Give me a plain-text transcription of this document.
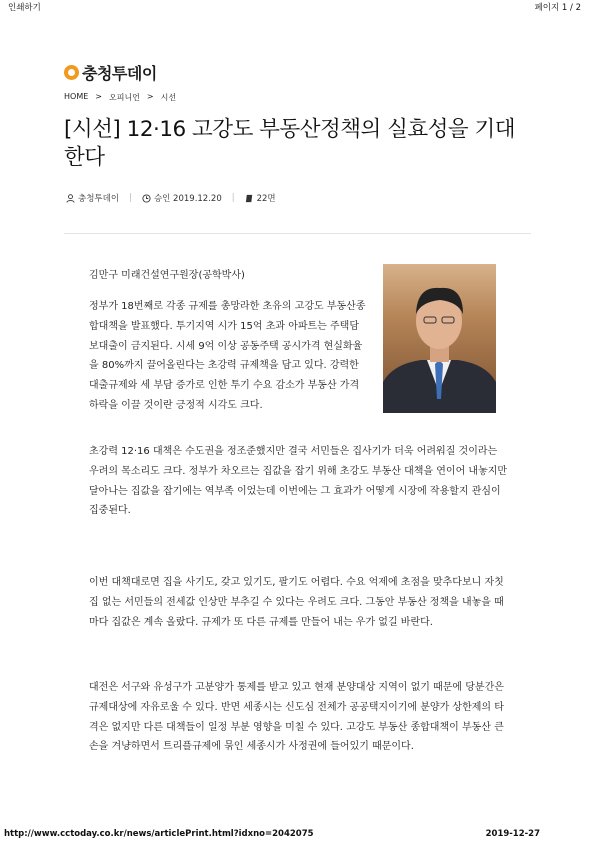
인쇄하기	페이지 1 / 2
충청투데이
HOME > 오피니언 > 시선
[시선] 12·16 고강도 부동산정책의 실효성을 기대한다
충청투데이 |	승인 2019.12.20 |	22면
김만구 미래건설연구원장(공학박사)
정부가 18번째로 각종 규제를 총망라한 초유의 고강도 부동산종합대책을 발표했다. 투기지역 시가 15억 초과 아파트는 주택담보대출이 금지된다. 시세 9억 이상 공동주택 공시가격 현실화율을 80%까지 끌어올린다는 초강력 규제책을 담고 있다. 강력한 대출규제와 세 부담 증가로 인한 투기 수요 감소가 부동산 가격 하락을 이끌 것이란 긍정적 시각도 크다.
초강력 12·16 대책은 수도권을 정조준했지만 결국 서민들은 집사기가 더욱 어려워질 것이라는 우려의 목소리도 크다. 정부가 차오르는 집값을 잡기 위해 초강도 부동산 대책을 연이어 내놓지만 달아나는 집값을 잡기에는 역부족 이었는데 이번에는 그 효과가 어떻게 시장에 작용할지 관심이 집중된다.
이번 대책대로면 집을 사기도, 갖고 있기도, 팔기도 어렵다. 수요 억제에 초점을 맞추다보니 자칫 집 없는 서민들의 전세값 인상만 부추길 수 있다는 우려도 크다. 그동안 부동산 정책을 내놓을 때 마다 집값은 계속 올랐다. 규제가 또 다른 규제를 만들어 내는 우가 없길 바란다.
대전은 서구와 유성구가 고분양가 통제를 받고 있고 현재 분양대상 지역이 없기 때문에 당분간은 규제대상에 자유로울 수 있다. 반면 세종시는 신도심 전체가 공공택지이기에 분양가 상한제의 타격은 없지만 다른 대책들이 일정 부분 영향을 미칠 수 있다. 고강도 부동산 종합대책이 부동산 큰손을 겨냥하면서 트리플규제에 묶인 세종시가 사정권에 들어있기 때문이다.
http://www.cctoday.co.kr/news/articlePrint.html?idxno=2042075	2019-12-27
